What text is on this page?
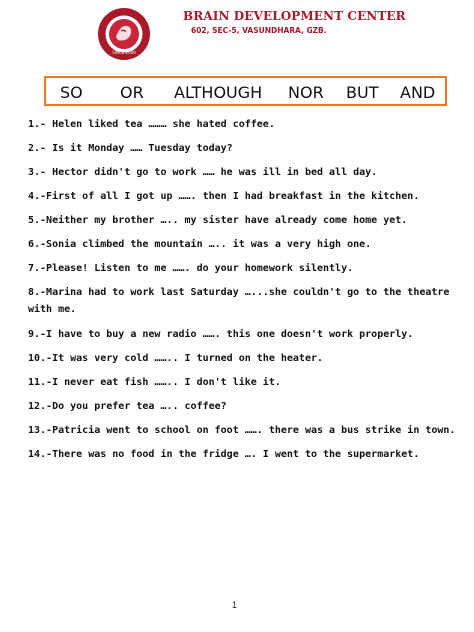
SINCE 2006
BRAIN DEVELOPMENT CENTER
602, SEC-5, VASUNDHARA, GZB.
SO OR ALTHOUGH NOR BUT AND
1.- Helen liked tea ……… she hated coffee.
2.- Is it Monday …… Tuesday today?
3.- Hector didn't go to work …… he was ill in bed all day.
4.-First of all I got up ……. then I had breakfast in the kitchen.
5.-Neither my brother ….. my sister have already come home yet.
6.-Sonia climbed the mountain ….. it was a very high one.
7.-Please! Listen to me ……. do your homework silently.
8.-Marina had to work last Saturday …...she couldn't go to the theatre with me.
9.-I have to buy a new radio ……. this one doesn't work properly.
10.-It was very cold …….. I turned on the heater.
11.-I never eat fish …….. I don't like it.
12.-Do you prefer tea ….. coffee?
13.-Patricia went to school on foot ……. there was a bus strike in town.
14.-There was no food in the fridge …. I went to the supermarket.
1
